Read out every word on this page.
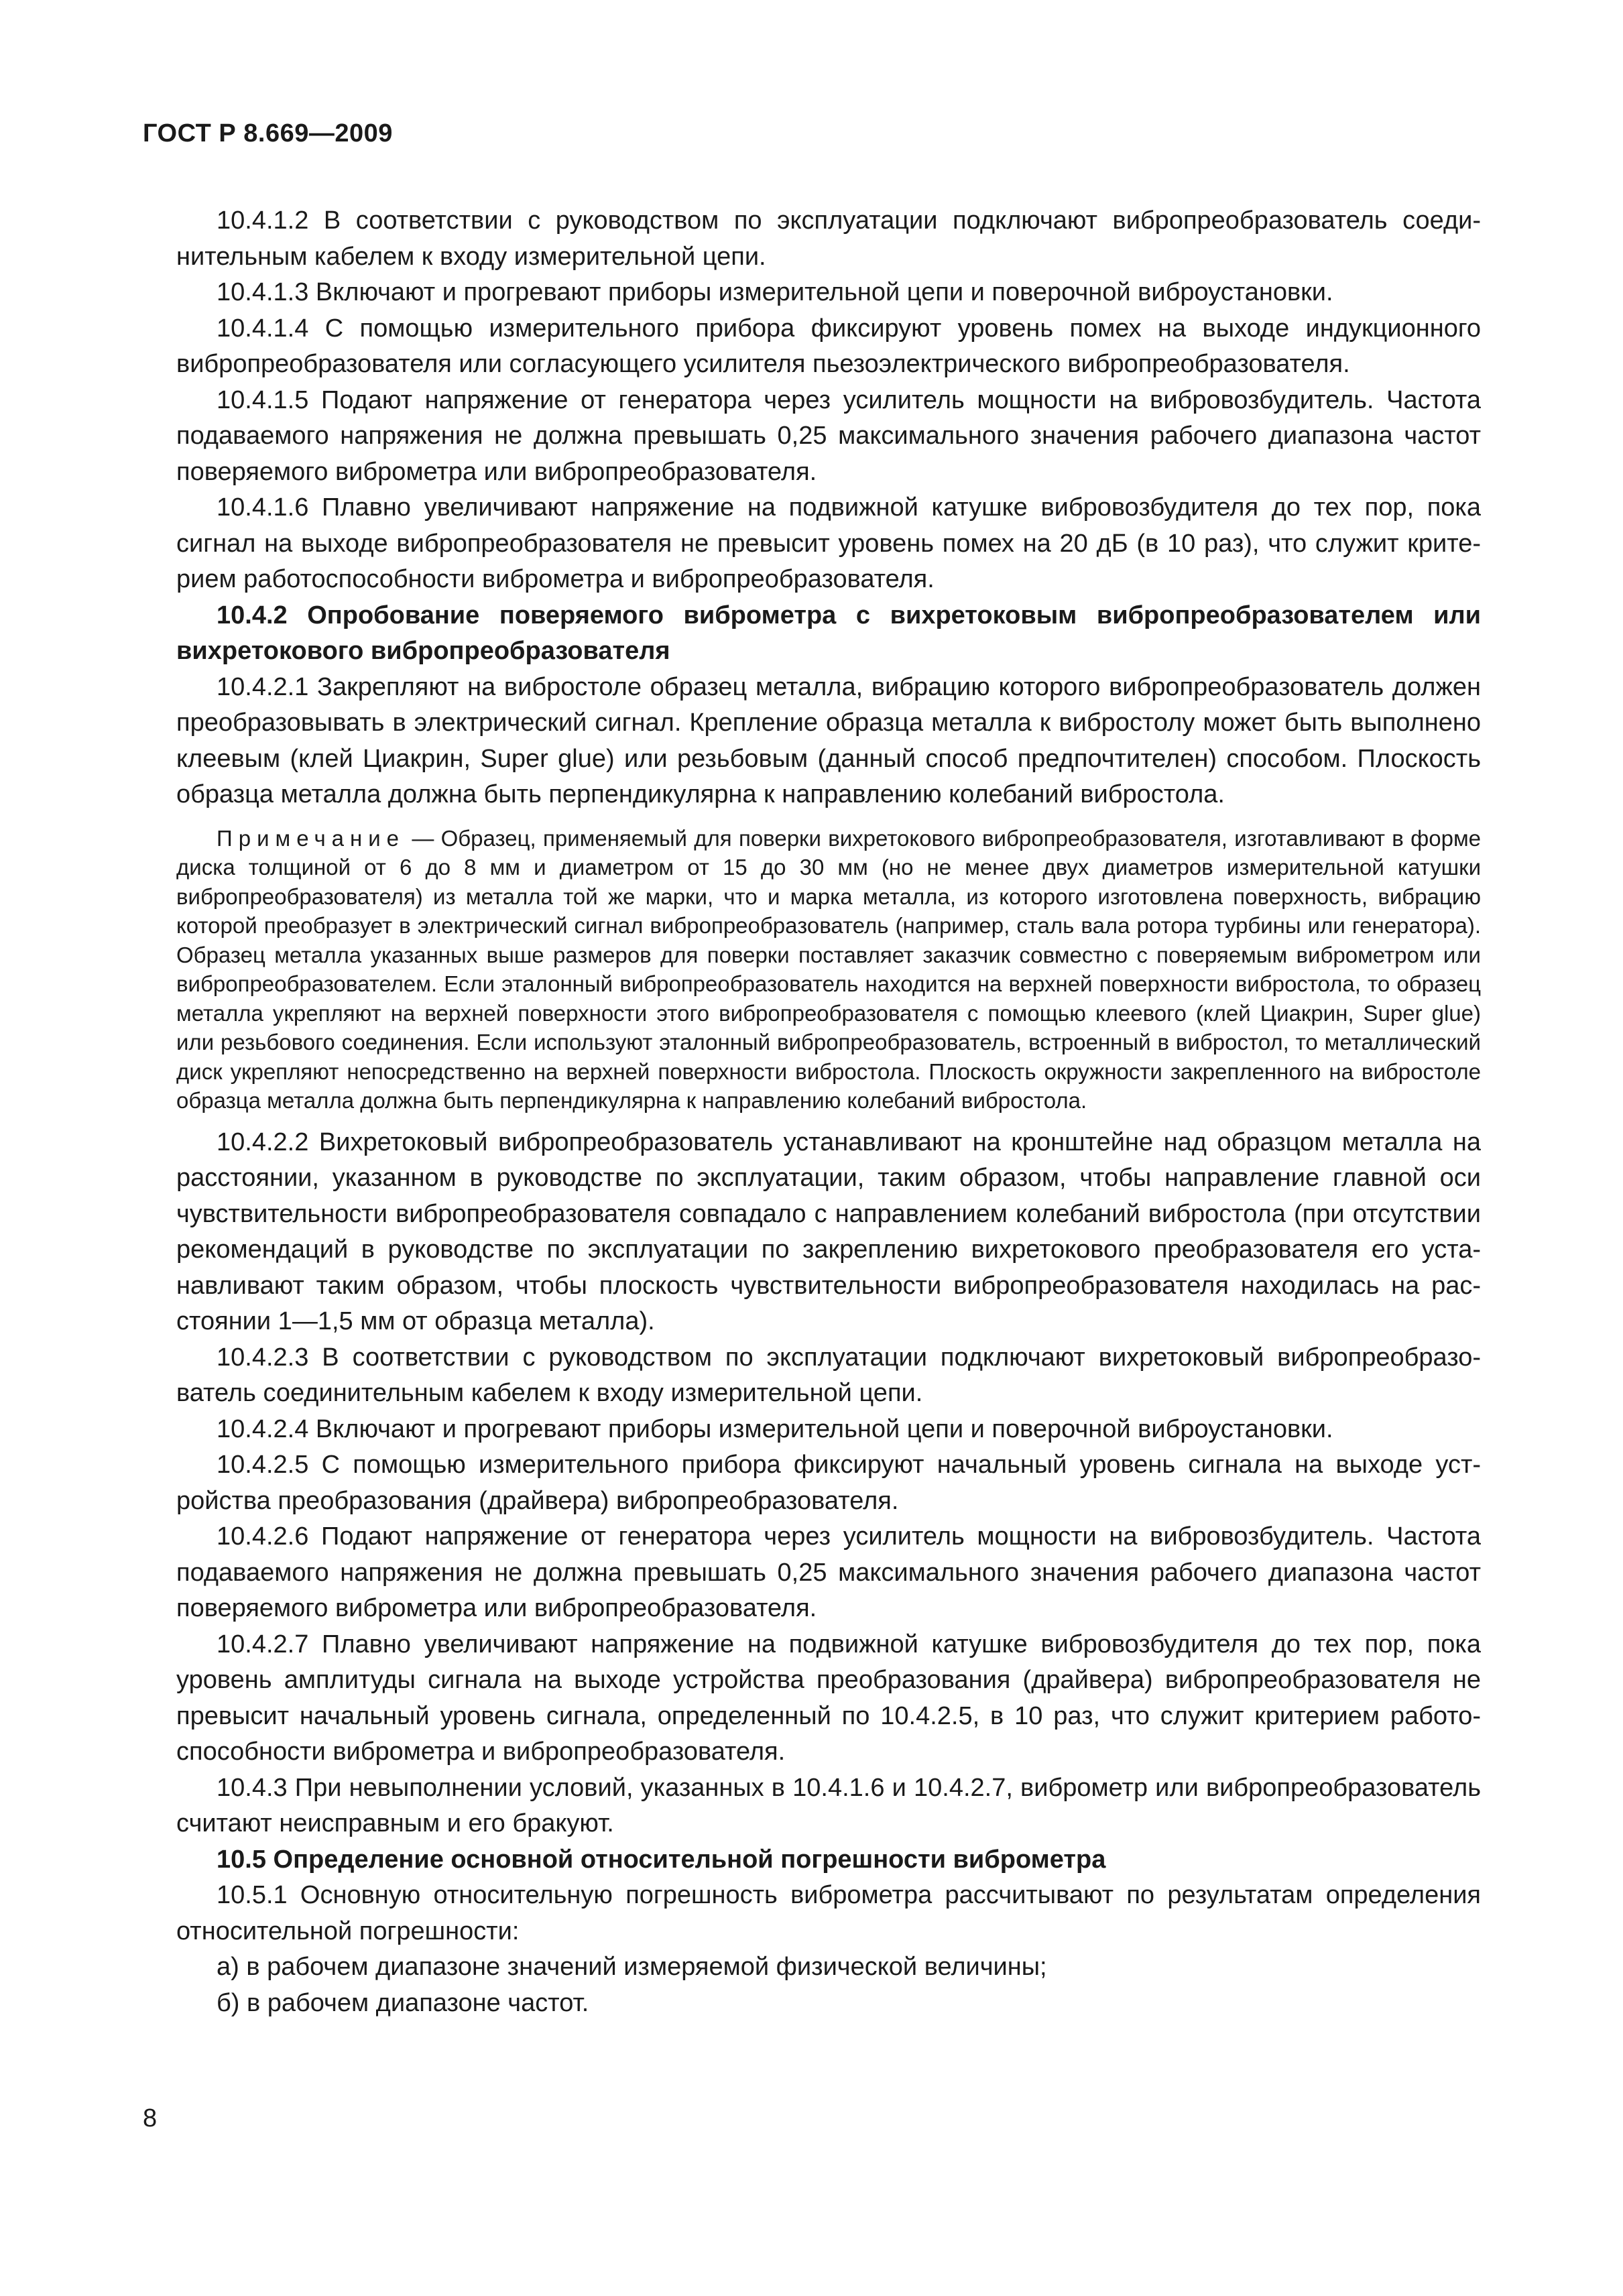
ГОСТ Р 8.669—2009

10.4.1.2 В соответствии с руководством по эксплуатации подключают вибропреобразователь соединительным кабелем к входу измерительной цепи.

10.4.1.3 Включают и прогревают приборы измерительной цепи и поверочной виброустановки.

10.4.1.4 С помощью измерительного прибора фиксируют уровень помех на выходе индукционного вибропреобразователя или согласующего усилителя пьезоэлектрического вибропреобразователя.

10.4.1.5 Подают напряжение от генератора через усилитель мощности на вибровозбудитель. Частота подаваемого напряжения не должна превышать 0,25 максимального значения рабочего диапазона частот поверяемого виброметра или вибропреобразователя.

10.4.1.6 Плавно увеличивают напряжение на подвижной катушке вибровозбудителя до тех пор, пока сигнал на выходе вибропреобразователя не превысит уровень помех на 20 дБ (в 10 раз), что служит критерием работоспособности виброметра и вибропреобразователя.

10.4.2 Опробование поверяемого виброметра с вихретоковым вибропреобразователем или вихретокового вибропреобразователя

10.4.2.1 Закрепляют на вибростоле образец металла, вибрацию которого вибропреобразователь должен преобразовывать в электрический сигнал. Крепление образца металла к вибростолу может быть выполнено клеевым (клей Циакрин, Super glue) или резьбовым (данный способ предпочтителен) способом. Плоскость образца металла должна быть перпендикулярна к направлению колебаний вибростола.

Примечание — Образец, применяемый для поверки вихретокового вибропреобразователя, изготавливают в форме диска толщиной от 6 до 8 мм и диаметром от 15 до 30 мм (но не менее двух диаметров измерительной катушки вибропреобразователя) из металла той же марки, что и марка металла, из которого изготовлена поверхность, вибрацию которой преобразует в электрический сигнал вибропреобразователь (например, сталь вала ротора турбины или генератора). Образец металла указанных выше размеров для поверки поставляет заказчик совместно с поверяемым виброметром или вибропреобразователем. Если эталонный вибропреобразователь находится на верхней поверхности вибростола, то образец металла укрепляют на верхней поверхности этого вибропреобразователя с помощью клеевого (клей Циакрин, Super glue) или резьбового соединения. Если используют эталонный вибропреобразователь, встроенный в вибростол, то металлический диск укрепляют непосредственно на верхней поверхности вибростола. Плоскость окружности закрепленного на вибростоле образца металла должна быть перпендикулярна к направлению колебаний вибростола.

10.4.2.2 Вихретоковый вибропреобразователь устанавливают на кронштейне над образцом металла на расстоянии, указанном в руководстве по эксплуатации, таким образом, чтобы направление главной оси чувствительности вибропреобразователя совпадало с направлением колебаний вибростола (при отсутствии рекомендаций в руководстве по эксплуатации по закреплению вихретокового преобразователя его устанавливают таким образом, чтобы плоскость чувствительности вибропреобразователя находилась на расстоянии 1—1,5 мм от образца металла).

10.4.2.3 В соответствии с руководством по эксплуатации подключают вихретоковый вибропреобразователь соединительным кабелем к входу измерительной цепи.

10.4.2.4 Включают и прогревают приборы измерительной цепи и поверочной виброустановки.

10.4.2.5 С помощью измерительного прибора фиксируют начальный уровень сигнала на выходе устройства преобразования (драйвера) вибропреобразователя.

10.4.2.6 Подают напряжение от генератора через усилитель мощности на вибровозбудитель. Частота подаваемого напряжения не должна превышать 0,25 максимального значения рабочего диапазона частот поверяемого виброметра или вибропреобразователя.

10.4.2.7 Плавно увеличивают напряжение на подвижной катушке вибровозбудителя до тех пор, пока уровень амплитуды сигнала на выходе устройства преобразования (драйвера) вибропреобразователя не превысит начальный уровень сигнала, определенный по 10.4.2.5, в 10 раз, что служит критерием работоспособности виброметра и вибропреобразователя.

10.4.3 При невыполнении условий, указанных в 10.4.1.6 и 10.4.2.7, виброметр или вибропреобразователь считают неисправным и его бракуют.

10.5 Определение основной относительной погрешности виброметра

10.5.1 Основную относительную погрешность виброметра рассчитывают по результатам определения относительной погрешности:

а) в рабочем диапазоне значений измеряемой физической величины;

б) в рабочем диапазоне частот.

8
